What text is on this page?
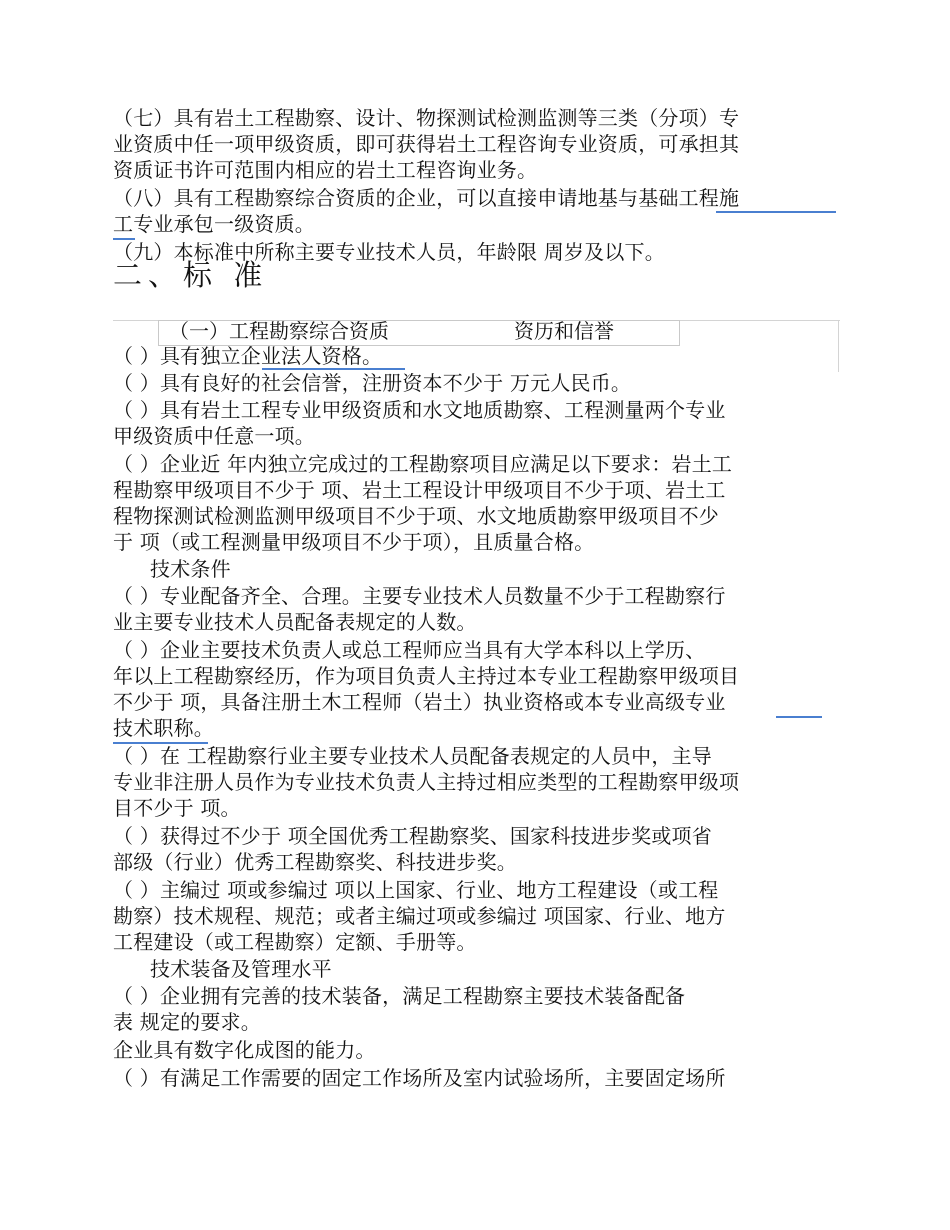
（七）具有岩土工程勘察、设计、物探测试检测监测等三类（分项）专
业资质中任一项甲级资质，即可获得岩土工程咨询专业资质，可承担其
资质证书许可范围内相应的岩土工程咨询业务。
（八）具有工程勘察综合资质的企业，可以直接申请地基与基础工程施
工专业承包一级资质。
（九）本标准中所称主要专业技术人员，年龄限 周岁及以下。
二、标 准
（一）工程勘察综合资质	资历和信誉
（ ）具有独立企业法人资格。
（ ）具有良好的社会信誉，注册资本不少于 万元人民币。
（ ）具有岩土工程专业甲级资质和水文地质勘察、工程测量两个专业
甲级资质中任意一项。
（ ）企业近 年内独立完成过的工程勘察项目应满足以下要求：岩土工
程勘察甲级项目不少于 项、岩土工程设计甲级项目不少于项、岩土工
程物探测试检测监测甲级项目不少于项、水文地质勘察甲级项目不少
于 项（或工程测量甲级项目不少于项），且质量合格。
技术条件
（ ）专业配备齐全、合理。主要专业技术人员数量不少于工程勘察行
业主要专业技术人员配备表规定的人数。
（ ）企业主要技术负责人或总工程师应当具有大学本科以上学历、
年以上工程勘察经历，作为项目负责人主持过本专业工程勘察甲级项目
不少于 项，具备注册土木工程师（岩土）执业资格或本专业高级专业
技术职称。
（ ）在 工程勘察行业主要专业技术人员配备表规定的人员中，主导
专业非注册人员作为专业技术负责人主持过相应类型的工程勘察甲级项
目不少于 项。
（ ）获得过不少于 项全国优秀工程勘察奖、国家科技进步奖或项省
部级（行业）优秀工程勘察奖、科技进步奖。
（ ）主编过 项或参编过 项以上国家、行业、地方工程建设（或工程
勘察）技术规程、规范；或者主编过项或参编过 项国家、行业、地方
工程建设（或工程勘察）定额、手册等。
技术装备及管理水平
（ ）企业拥有完善的技术装备，满足工程勘察主要技术装备配备
表 规定的要求。
企业具有数字化成图的能力。
（ ）有满足工作需要的固定工作场所及室内试验场所，主要固定场所
